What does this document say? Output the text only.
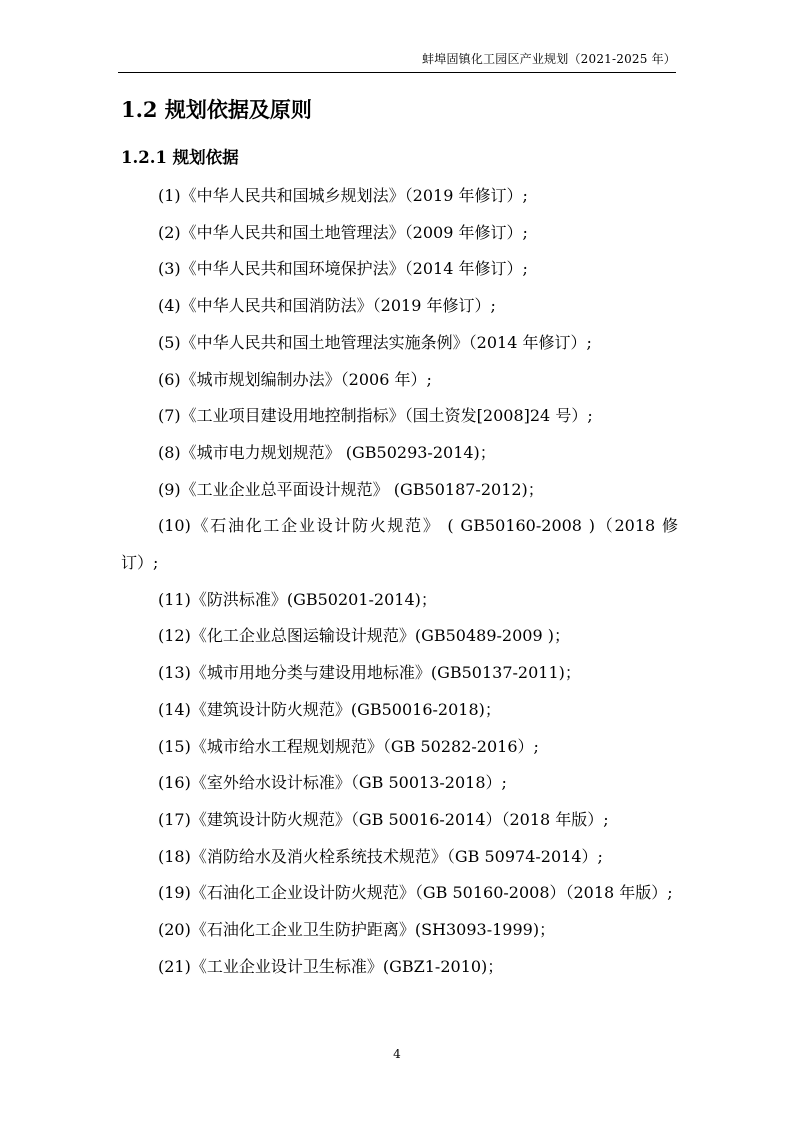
蚌埠固镇化工园区产业规划（2021-2025 年）
1.2 规划依据及原则
1.2.1 规划依据
(1)《中华人民共和国城乡规划法》（2019 年修订）;
(2)《中华人民共和国土地管理法》（2009 年修订）;
(3)《中华人民共和国环境保护法》（2014 年修订）;
(4)《中华人民共和国消防法》（2019 年修订）;
(5)《中华人民共和国土地管理法实施条例》（2014 年修订）;
(6)《城市规划编制办法》（2006 年）;
(7)《工业项目建设用地控制指标》（国土资发[2008]24 号）;
(8)《城市电力规划规范》 (GB50293-2014)；
(9)《工业企业总平面设计规范》 (GB50187-2012)；
(10)《石油化工企业设计防火规范》 ( GB50160-2008 )（2018 修订）;
(11)《防洪标准》(GB50201-2014)；
(12)《化工企业总图运输设计规范》(GB50489-2009 )；
(13)《城市用地分类与建设用地标准》(GB50137-2011)；
(14)《建筑设计防火规范》(GB50016-2018)；
(15)《城市给水工程规划规范》（GB 50282-2016）;
(16)《室外给水设计标准》（GB 50013-2018）;
(17)《建筑设计防火规范》（GB 50016-2014）（2018 年版）;
(18)《消防给水及消火栓系统技术规范》（GB 50974-2014）;
(19)《石油化工企业设计防火规范》（GB 50160-2008）（2018 年版）;
(20)《石油化工企业卫生防护距离》(SH3093-1999)；
(21)《工业企业设计卫生标准》(GBZ1-2010)；
4
